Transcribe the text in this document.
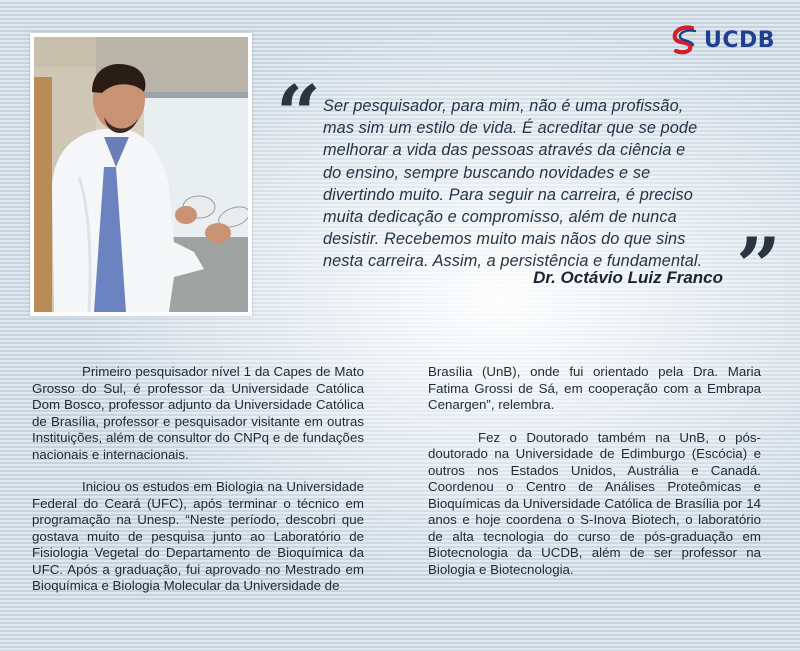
UCDB
“ Ser pesquisador, para mim, não é uma profissão,
mas sim um estilo de vida. É acreditar que se pode
melhorar a vida das pessoas através da ciência e
do ensino, sempre buscando novidades e se
divertindo muito. Para seguir na carreira, é preciso
muita dedicação e compromisso, além de nunca
desistir. Recebemos muito mais nãos do que sins
nesta carreira. Assim, a persistência e fundamental. ”
Dr. Octávio Luiz Franco

Primeiro pesquisador nível 1 da Capes de Mato Grosso do Sul, é professor da Universidade Católica Dom Bosco, professor adjunto da Universidade Católica de Brasília, professor e pesquisador visitante em outras Instituições, além de consultor do CNPq e de fundações nacionais e internacionais.

Iniciou os estudos em Biologia na Universidade Federal do Ceará (UFC), após terminar o técnico em programação na Unesp. “Neste período, descobri que gostava muito de pesquisa junto ao Laboratório de Fisiologia Vegetal do Departamento de Bioquímica da UFC. Após a graduação, fui aprovado no Mestrado em Bioquímica e Biologia Molecular da Universidade de

Brasília (UnB), onde fui orientado pela Dra. Maria Fatima Grossi de Sá, em cooperação com a Embrapa Cenargen”, relembra.

Fez o Doutorado também na UnB, o pós-doutorado na Universidade de Edimburgo (Escócia) e outros nos Estados Unidos, Austrália e Canadá. Coordenou o Centro de Análises Proteômicas e Bioquímicas da Universidade Católica de Brasília por 14 anos e hoje coordena o S-Inova Biotech, o laboratório de alta tecnologia do curso de pós-graduação em Biotecnologia da UCDB, além de ser professor na Biologia e Biotecnologia.
